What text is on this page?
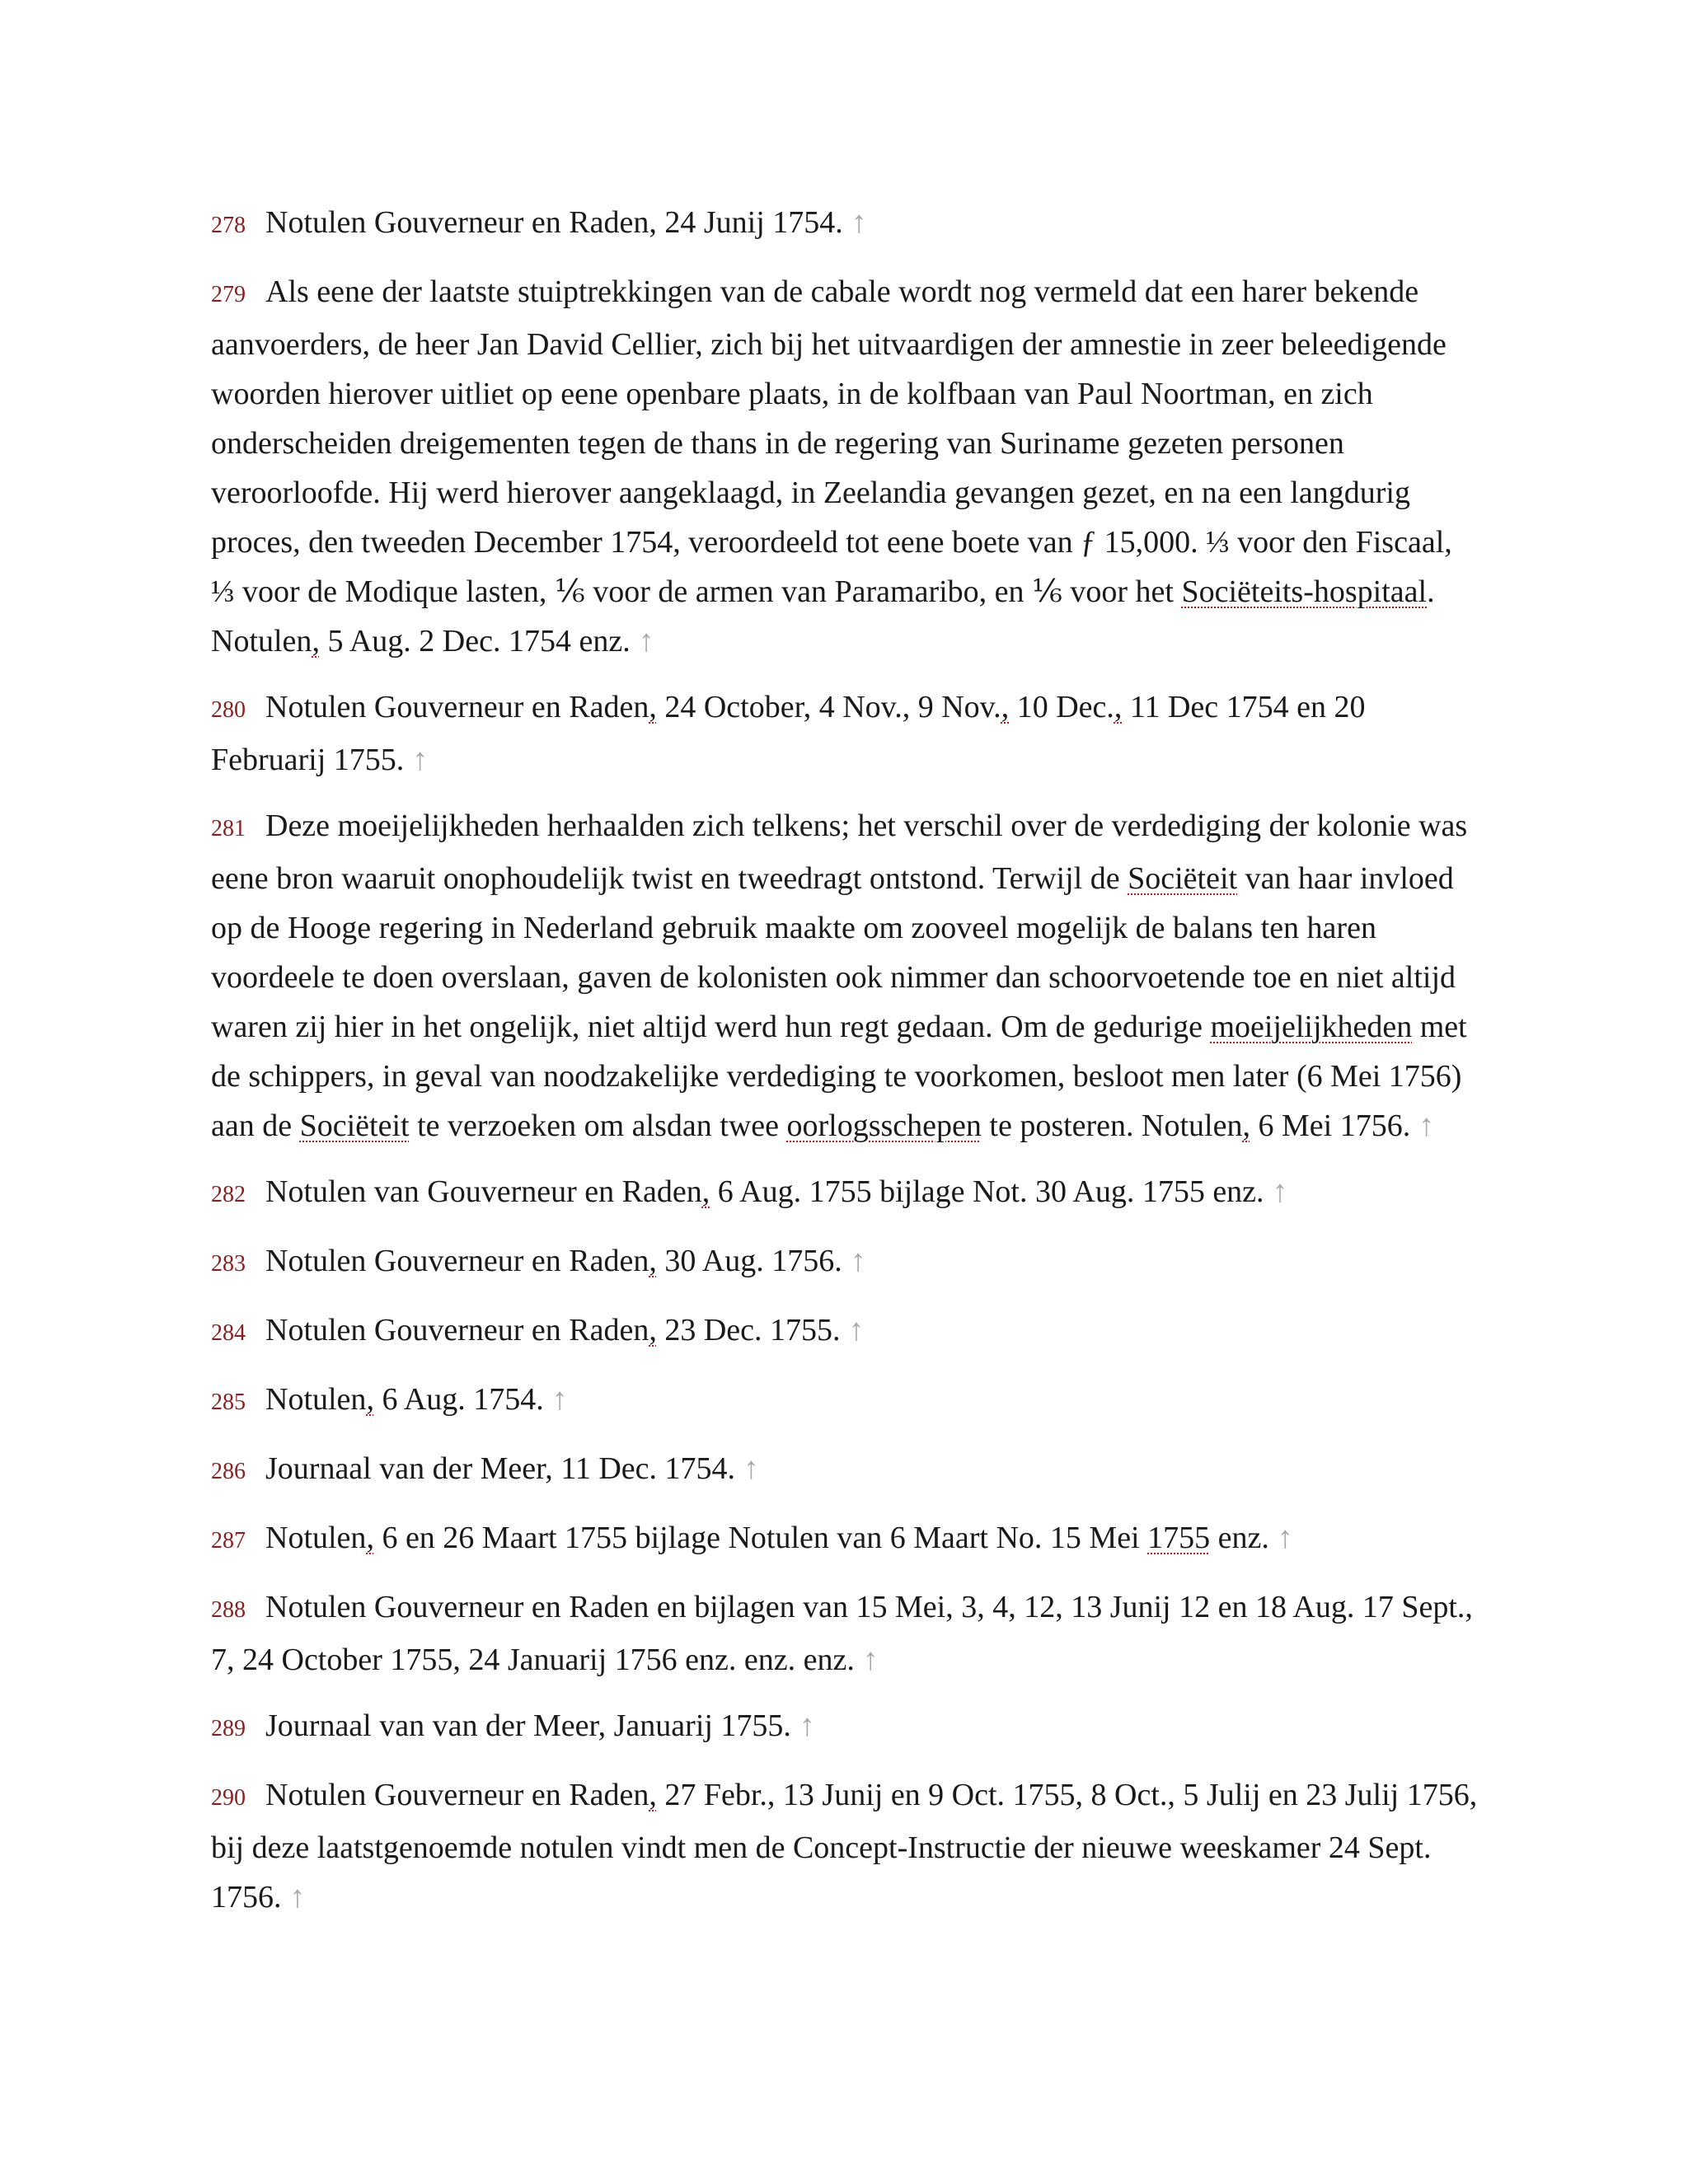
278 Notulen Gouverneur en Raden, 24 Junij 1754. ↑

279 Als eene der laatste stuiptrekkingen van de cabale wordt nog vermeld dat een harer bekende aanvoerders, de heer Jan David Cellier, zich bij het uitvaardigen der amnestie in zeer beleedigende woorden hierover uitliet op eene openbare plaats, in de kolfbaan van Paul Noortman, en zich onderscheiden dreigementen tegen de thans in de regering van Suriname gezeten personen veroorloofde. Hij werd hierover aangeklaagd, in Zeelandia gevangen gezet, en na een langdurig proces, den tweeden December 1754, veroordeeld tot eene boete van ƒ 15,000. ⅓ voor den Fiscaal, ⅓ voor de Modique lasten, ⅙ voor de armen van Paramaribo, en ⅙ voor het Sociëteits-hospitaal. Notulen, 5 Aug. 2 Dec. 1754 enz. ↑

280 Notulen Gouverneur en Raden, 24 October, 4 Nov., 9 Nov., 10 Dec., 11 Dec 1754 en 20 Februarij 1755. ↑

281 Deze moeijelijkheden herhaalden zich telkens; het verschil over de verdediging der kolonie was eene bron waaruit onophoudelijk twist en tweedragt ontstond. Terwijl de Sociëteit van haar invloed op de Hooge regering in Nederland gebruik maakte om zooveel mogelijk de balans ten haren voordeele te doen overslaan, gaven de kolonisten ook nimmer dan schoorvoetende toe en niet altijd waren zij hier in het ongelijk, niet altijd werd hun regt gedaan. Om de gedurige moeijelijkheden met de schippers, in geval van noodzakelijke verdediging te voorkomen, besloot men later (6 Mei 1756) aan de Sociëteit te verzoeken om alsdan twee oorlogsschepen te posteren. Notulen, 6 Mei 1756. ↑

282 Notulen van Gouverneur en Raden, 6 Aug. 1755 bijlage Not. 30 Aug. 1755 enz. ↑

283 Notulen Gouverneur en Raden, 30 Aug. 1756. ↑

284 Notulen Gouverneur en Raden, 23 Dec. 1755. ↑

285 Notulen, 6 Aug. 1754. ↑

286 Journaal van der Meer, 11 Dec. 1754. ↑

287 Notulen, 6 en 26 Maart 1755 bijlage Notulen van 6 Maart No. 15 Mei 1755 enz. ↑

288 Notulen Gouverneur en Raden en bijlagen van 15 Mei, 3, 4, 12, 13 Junij 12 en 18 Aug. 17 Sept., 7, 24 October 1755, 24 Januarij 1756 enz. enz. enz. ↑

289 Journaal van van der Meer, Januarij 1755. ↑

290 Notulen Gouverneur en Raden, 27 Febr., 13 Junij en 9 Oct. 1755, 8 Oct., 5 Julij en 23 Julij 1756, bij deze laatstgenoemde notulen vindt men de Concept-Instructie der nieuwe weeskamer 24 Sept. 1756. ↑
